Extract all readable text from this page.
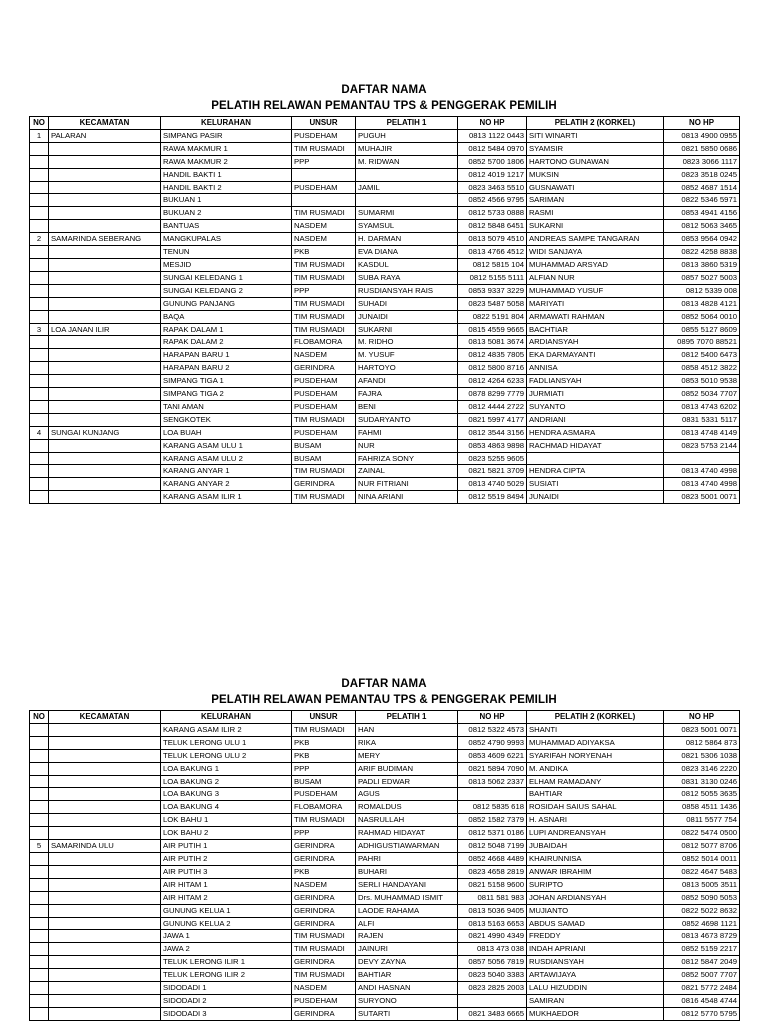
DAFTAR NAMA
PELATIH RELAWAN PEMANTAU TPS & PENGGERAK PEMILIH
NO	KECAMATAN	KELURAHAN	UNSUR	PELATIH 1	NO HP	PELATIH 2 (KORKEL)	NO HP
1	PALARAN	SIMPANG PASIR	PUSDEHAM	PUGUH	0813 1122 0443	SITI WINARTI	0813 4900 0955
		RAWA MAKMUR 1	TIM RUSMADI	MUHAJIR	0812 5484 0970	SYAMSIR	0821 5850 0686
		RAWA MAKMUR 2	PPP	M. RIDWAN	0852 5700 1806	HARTONO GUNAWAN	0823 3066 1117
		HANDIL BAKTI 1			0812 4019 1217	MUKSIN	0823 3518 0245
		HANDIL BAKTI 2	PUSDEHAM	JAMIL	0823 3463 5510	GUSNAWATI	0852 4687 1514
		BUKUAN 1			0852 4566 9795	SARIMAN	0822 5346 5971
		BUKUAN 2	TIM RUSMADI	SUMARMI	0812 5733 0888	RASMI	0853 4941 4156
		BANTUAS	NASDEM	SYAMSUL	0812 5848 6451	SUKARNI	0812 5063 3465
2	SAMARINDA SEBERANG	MANGKUPALAS	NASDEM	H. DARMAN	0813 5079 4510	ANDREAS SAMPE TANGARAN	0853 9564 0942
		TENUN	PKB	EVA DIANA	0813 4766 4512	WIDI SANJAYA	0822 4258 8838
		MESJID	TIM RUSMADI	KASDUL	0812 5815 104	MUHAMMAD ARSYAD	0813 3860 5319
		SUNGAI KELEDANG 1	TIM RUSMADI	SUBA RAYA	0812 5155 5111	ALFIAN NUR	0857 5027 5003
		SUNGAI KELEDANG 2	PPP	RUSDIANSYAH RAIS	0853 9337 3229	MUHAMMAD YUSUF	0812 5339 008
		GUNUNG PANJANG	TIM RUSMADI	SUHADI	0823 5487 5058	MARIYATI	0813 4828 4121
		BAQA	TIM RUSMADI	JUNAIDI	0822 5191 804	ARMAWATI RAHMAN	0852 5064 0010
3	LOA JANAN ILIR	RAPAK DALAM 1	TIM RUSMADI	SUKARNI	0815 4559 9665	BACHTIAR	0855 5127 8609
		RAPAK DALAM 2	FLOBAMORA	M. RIDHO	0813 5081 3674	ARDIANSYAH	0895 7070 88521
		HARAPAN BARU 1	NASDEM	M. YUSUF	0812 4835 7805	EKA DARMAYANTI	0812 5400 6473
		HARAPAN BARU 2	GERINDRA	HARTOYO	0812 5800 8716	ANNISA	0858 4512 3822
		SIMPANG TIGA 1	PUSDEHAM	AFANDI	0812 4264 6233	FADLIANSYAH	0853 5010 9538
		SIMPANG TIGA 2	PUSDEHAM	FAJRA	0878 8299 7779	JURMIATI	0852 5034 7707
		TANI AMAN	PUSDEHAM	BENI	0812 4444 2722	SUYANTO	0813 4743 6202
		SENGKOTEK	TIM RUSMADI	SUDARYANTO	0821 5997 4177	ANDRIANI	0831 5331 5117
4	SUNGAI KUNJANG	LOA BUAH	PUSDEHAM	FAHMI	0812 3544 3156	HENDRA ASMARA	0813 4748 4149
		KARANG ASAM ULU 1	BUSAM	NUR	0853 4863 9898	RACHMAD HIDAYAT	0823 5753 2144
		KARANG ASAM ULU 2	BUSAM	FAHRIZA SONY	0823 5255 9605		
		KARANG ANYAR 1	TIM RUSMADI	ZAINAL	0821 5821 3709	HENDRA CIPTA	0813 4740 4998
		KARANG ANYAR 2	GERINDRA	NUR FITRIANI	0813 4740 5029	SUSIATI	0813 4740 4998
		KARANG ASAM ILIR 1	TIM RUSMADI	NINA ARIANI	0812 5519 8494	JUNAIDI	0823 5001 0071
DAFTAR NAMA
PELATIH RELAWAN PEMANTAU TPS & PENGGERAK PEMILIH
NO	KECAMATAN	KELURAHAN	UNSUR	PELATIH 1	NO HP	PELATIH 2 (KORKEL)	NO HP
		KARANG ASAM ILIR 2	TIM RUSMADI	HAN	0812 5322 4573	SHANTI	0823 5001 0071
		TELUK LERONG ULU 1	PKB	RIKA	0852 4790 9993	MUHAMMAD ADIYAKSA	0812 5864 873
		TELUK LERONG ULU 2	PKB	MERY	0853 4609 6221	SYARIFAH NORYENAH	0821 5306 1038
		LOA BAKUNG 1	PPP	ARIF BUDIMAN	0821 5894 7090	M. ANDIKA	0823 3146 2220
		LOA BAKUNG 2	BUSAM	PADLI EDWAR	0813 5062 2337	ELHAM RAMADANY	0831 3130 0246
		LOA BAKUNG 3	PUSDEHAM	AGUS		BAHTIAR	0812 5055 3635
		LOA BAKUNG 4	FLOBAMORA	ROMALDUS	0812 5835 618	ROSIDAH SAIUS SAHAL	0858 4511 1436
		LOK BAHU 1	TIM RUSMADI	NASRULLAH	0852 1582 7379	H. ASNARI	0811 5577 754
		LOK BAHU 2	PPP	RAHMAD HIDAYAT	0812 5371 0186	LUPI ANDREANSYAH	0822 5474 0500
5	SAMARINDA ULU	AIR PUTIH 1	GERINDRA	ADHIGUSTIAWARMAN	0812 5048 7199	JUBAIDAH	0812 5077 8706
		AIR PUTIH 2	GERINDRA	PAHRI	0852 4668 4489	KHAIRUNNISA	0852 5014 0011
		AIR PUTIH 3	PKB	BUHARI	0823 4658 2819	ANWAR IBRAHIM	0822 4647 5483
		AIR HITAM 1	NASDEM	SERLI HANDAYANI	0821 5158 9600	SURIPTO	0813 5005 3511
		AIR HITAM 2	GERINDRA	Drs. MUHAMMAD ISMIT	0811 581 983	JOHAN ARDIANSYAH	0852 5090 5053
		GUNUNG KELUA 1	GERINDRA	LAODE RAHAMA	0813 5036 9405	MUJIANTO	0822 5022 8632
		GUNUNG KELUA 2	GERINDRA	ALFI	0813 5163 6653	ABDUS SAMAD	0852 4698 1121
		JAWA 1	TIM RUSMADI	RAJEN	0821 4990 4349	FREDDY	0813 4673 8729
		JAWA 2	TIM RUSMADI	JAINURI	0813 473 038	INDAH APRIANI	0852 5159 2217
		TELUK LERONG ILIR 1	GERINDRA	DEVY ZAYNA	0857 5056 7819	RUSDIANSYAH	0812 5847 2049
		TELUK LERONG ILIR 2	TIM RUSMADI	BAHTIAR	0823 5040 3383	ARTAWIJAYA	0852 5007 7707
		SIDODADI 1	NASDEM	ANDI HASNAN	0823 2825 2003	LALU HIZUDDIN	0821 5772 2484
		SIDODADI 2	PUSDEHAM	SURYONO		SAMIRAN	0816 4548 4744
		SIDODADI 3	GERINDRA	SUTARTI	0821 3483 6665	MUKHAEDOR	0812 5770 5795
